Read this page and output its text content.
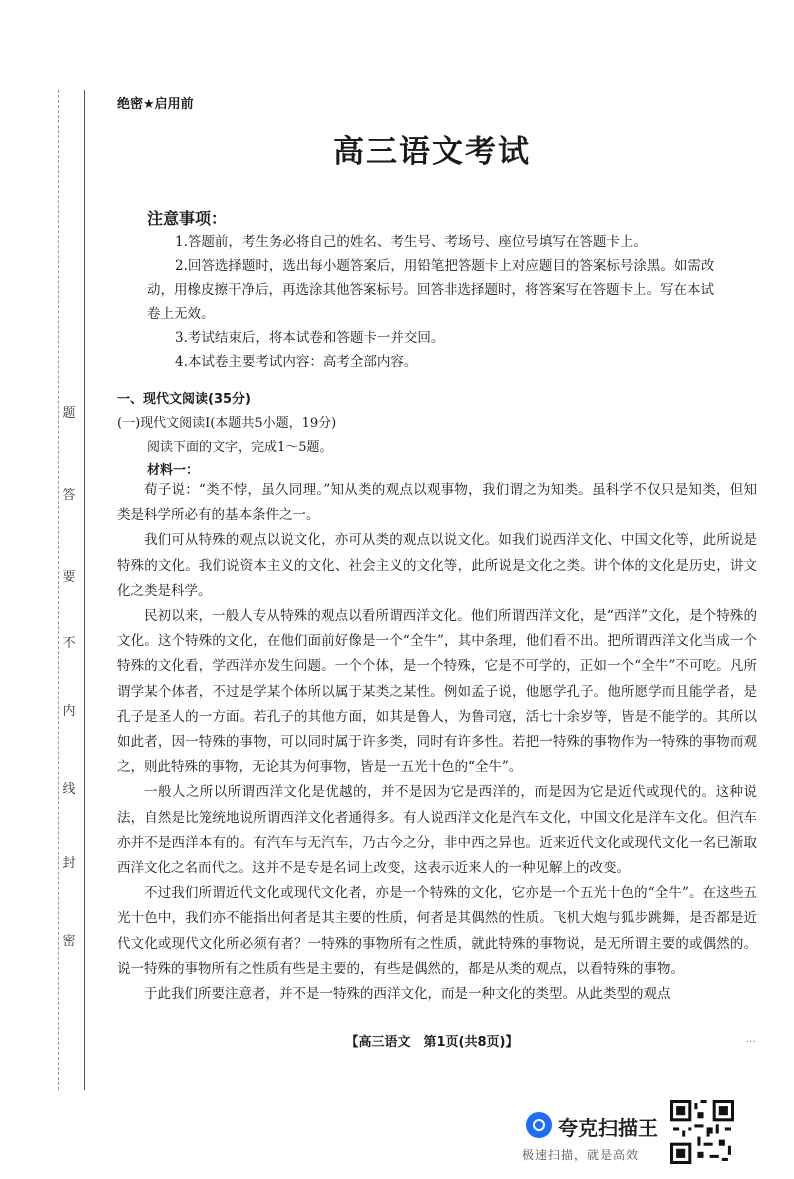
题
答
要
不
内
线
封
密
绝密★启用前
高三语文考试
注意事项：

1.答题前，考生务必将自己的姓名、考生号、考场号、座位号填写在答题卡上。

2.回答选择题时，选出每小题答案后，用铅笔把答题卡上对应题目的答案标号涂黑。如需改动，用橡皮擦干净后，再选涂其他答案标号。回答非选择题时，将答案写在答题卡上。写在本试卷上无效。

3.考试结束后，将本试卷和答题卡一并交回。

4.本试卷主要考试内容：高考全部内容。

一、现代文阅读(35分)
(一)现代文阅读Ⅰ(本题共5小题，19分)
阅读下面的文字，完成1～5题。
材料一：

荀子说：“类不悖，虽久同理。”知从类的观点以观事物，我们谓之为知类。虽科学不仅只是知类，但知类是科学所必有的基本条件之一。

我们可从特殊的观点以说文化，亦可从类的观点以说文化。如我们说西洋文化、中国文化等，此所说是特殊的文化。我们说资本主义的文化、社会主义的文化等，此所说是文化之类。讲个体的文化是历史，讲文化之类是科学。

民初以来，一般人专从特殊的观点以看所谓西洋文化。他们所谓西洋文化，是“西洋”文化，是个特殊的文化。这个特殊的文化，在他们面前好像是一个“全牛”，其中条理，他们看不出。把所谓西洋文化当成一个特殊的文化看，学西洋亦发生问题。一个个体，是一个特殊，它是不可学的，正如一个“全牛”不可吃。凡所谓学某个体者，不过是学某个体所以属于某类之某性。例如孟子说，他愿学孔子。他所愿学而且能学者，是孔子是圣人的一方面。若孔子的其他方面，如其是鲁人，为鲁司寇，活七十余岁等，皆是不能学的。其所以如此者，因一特殊的事物，可以同时属于许多类，同时有许多性。若把一特殊的事物作为一特殊的事物而观之，则此特殊的事物，无论其为何事物，皆是一五光十色的“全牛”。

一般人之所以所谓西洋文化是优越的，并不是因为它是西洋的，而是因为它是近代或现代的。这种说法，自然是比笼统地说所谓西洋文化者通得多。有人说西洋文化是汽车文化，中国文化是洋车文化。但汽车亦并不是西洋本有的。有汽车与无汽车，乃古今之分，非中西之异也。近来近代文化或现代文化一名已渐取西洋文化之名而代之。这并不是专是名词上改变，这表示近来人的一种见解上的改变。

不过我们所谓近代文化或现代文化者，亦是一个特殊的文化，它亦是一个五光十色的“全牛”。在这些五光十色中，我们亦不能指出何者是其主要的性质，何者是其偶然的性质。飞机大炮与狐步跳舞，是否都是近代文化或现代文化所必须有者？一特殊的事物所有之性质，就此特殊的事物说，是无所谓主要的或偶然的。说一特殊的事物所有之性质有些是主要的，有些是偶然的，都是从类的观点，以看特殊的事物。

于此我们所要注意者，并不是一特殊的西洋文化，而是一种文化的类型。从此类型的观点

【高三语文　第1页(共8页)】	...
夸克扫描王
极速扫描，就是高效
